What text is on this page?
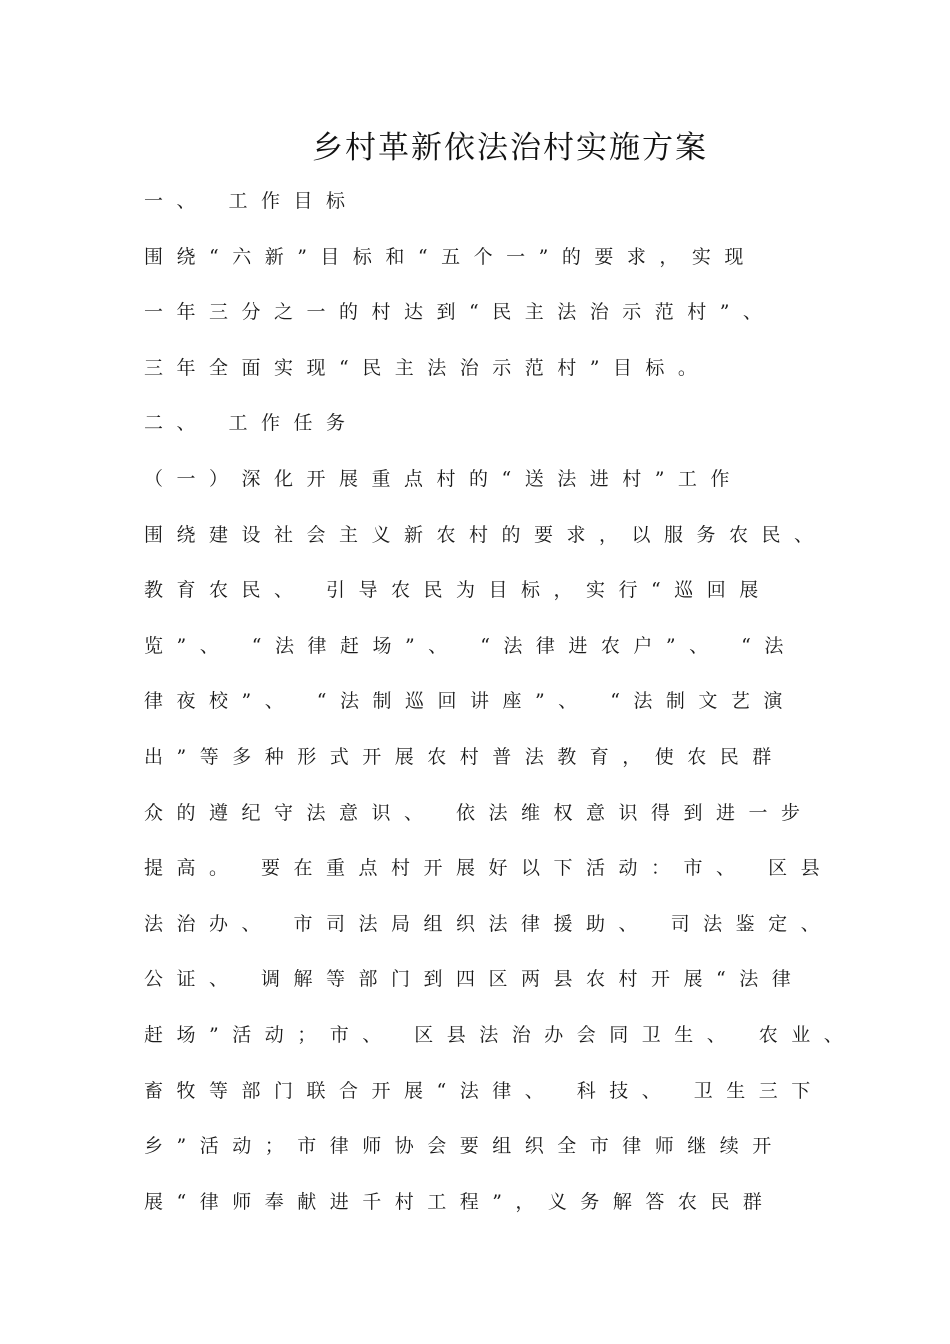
乡村革新依法治村实施方案
一、 工作目标
围绕“六新”目标和“五个一”的要求，实现
一年三分之一的村达到“民主法治示范村”、
三年全面实现“民主法治示范村”目标。
二、 工作任务
（一）深化开展重点村的“送法进村”工作
围绕建设社会主义新农村的要求，以服务农民、
教育农民、 引导农民为目标，实行“巡回展
览”、 “法律赶场”、 “法律进农户”、 “法
律夜校”、 “法制巡回讲座”、 “法制文艺演
出”等多种形式开展农村普法教育，使农民群
众的遵纪守法意识、 依法维权意识得到进一步
提高。 要在重点村开展好以下活动：市、 区县
法治办、 市司法局组织法律援助、 司法鉴定、
公证、 调解等部门到四区两县农村开展“法律
赶场”活动；市、 区县法治办会同卫生、 农业、
畜牧等部门联合开展“法律、 科技、 卫生三下
乡”活动；市律师协会要组织全市律师继续开
展“律师奉献进千村工程”，义务解答农民群
